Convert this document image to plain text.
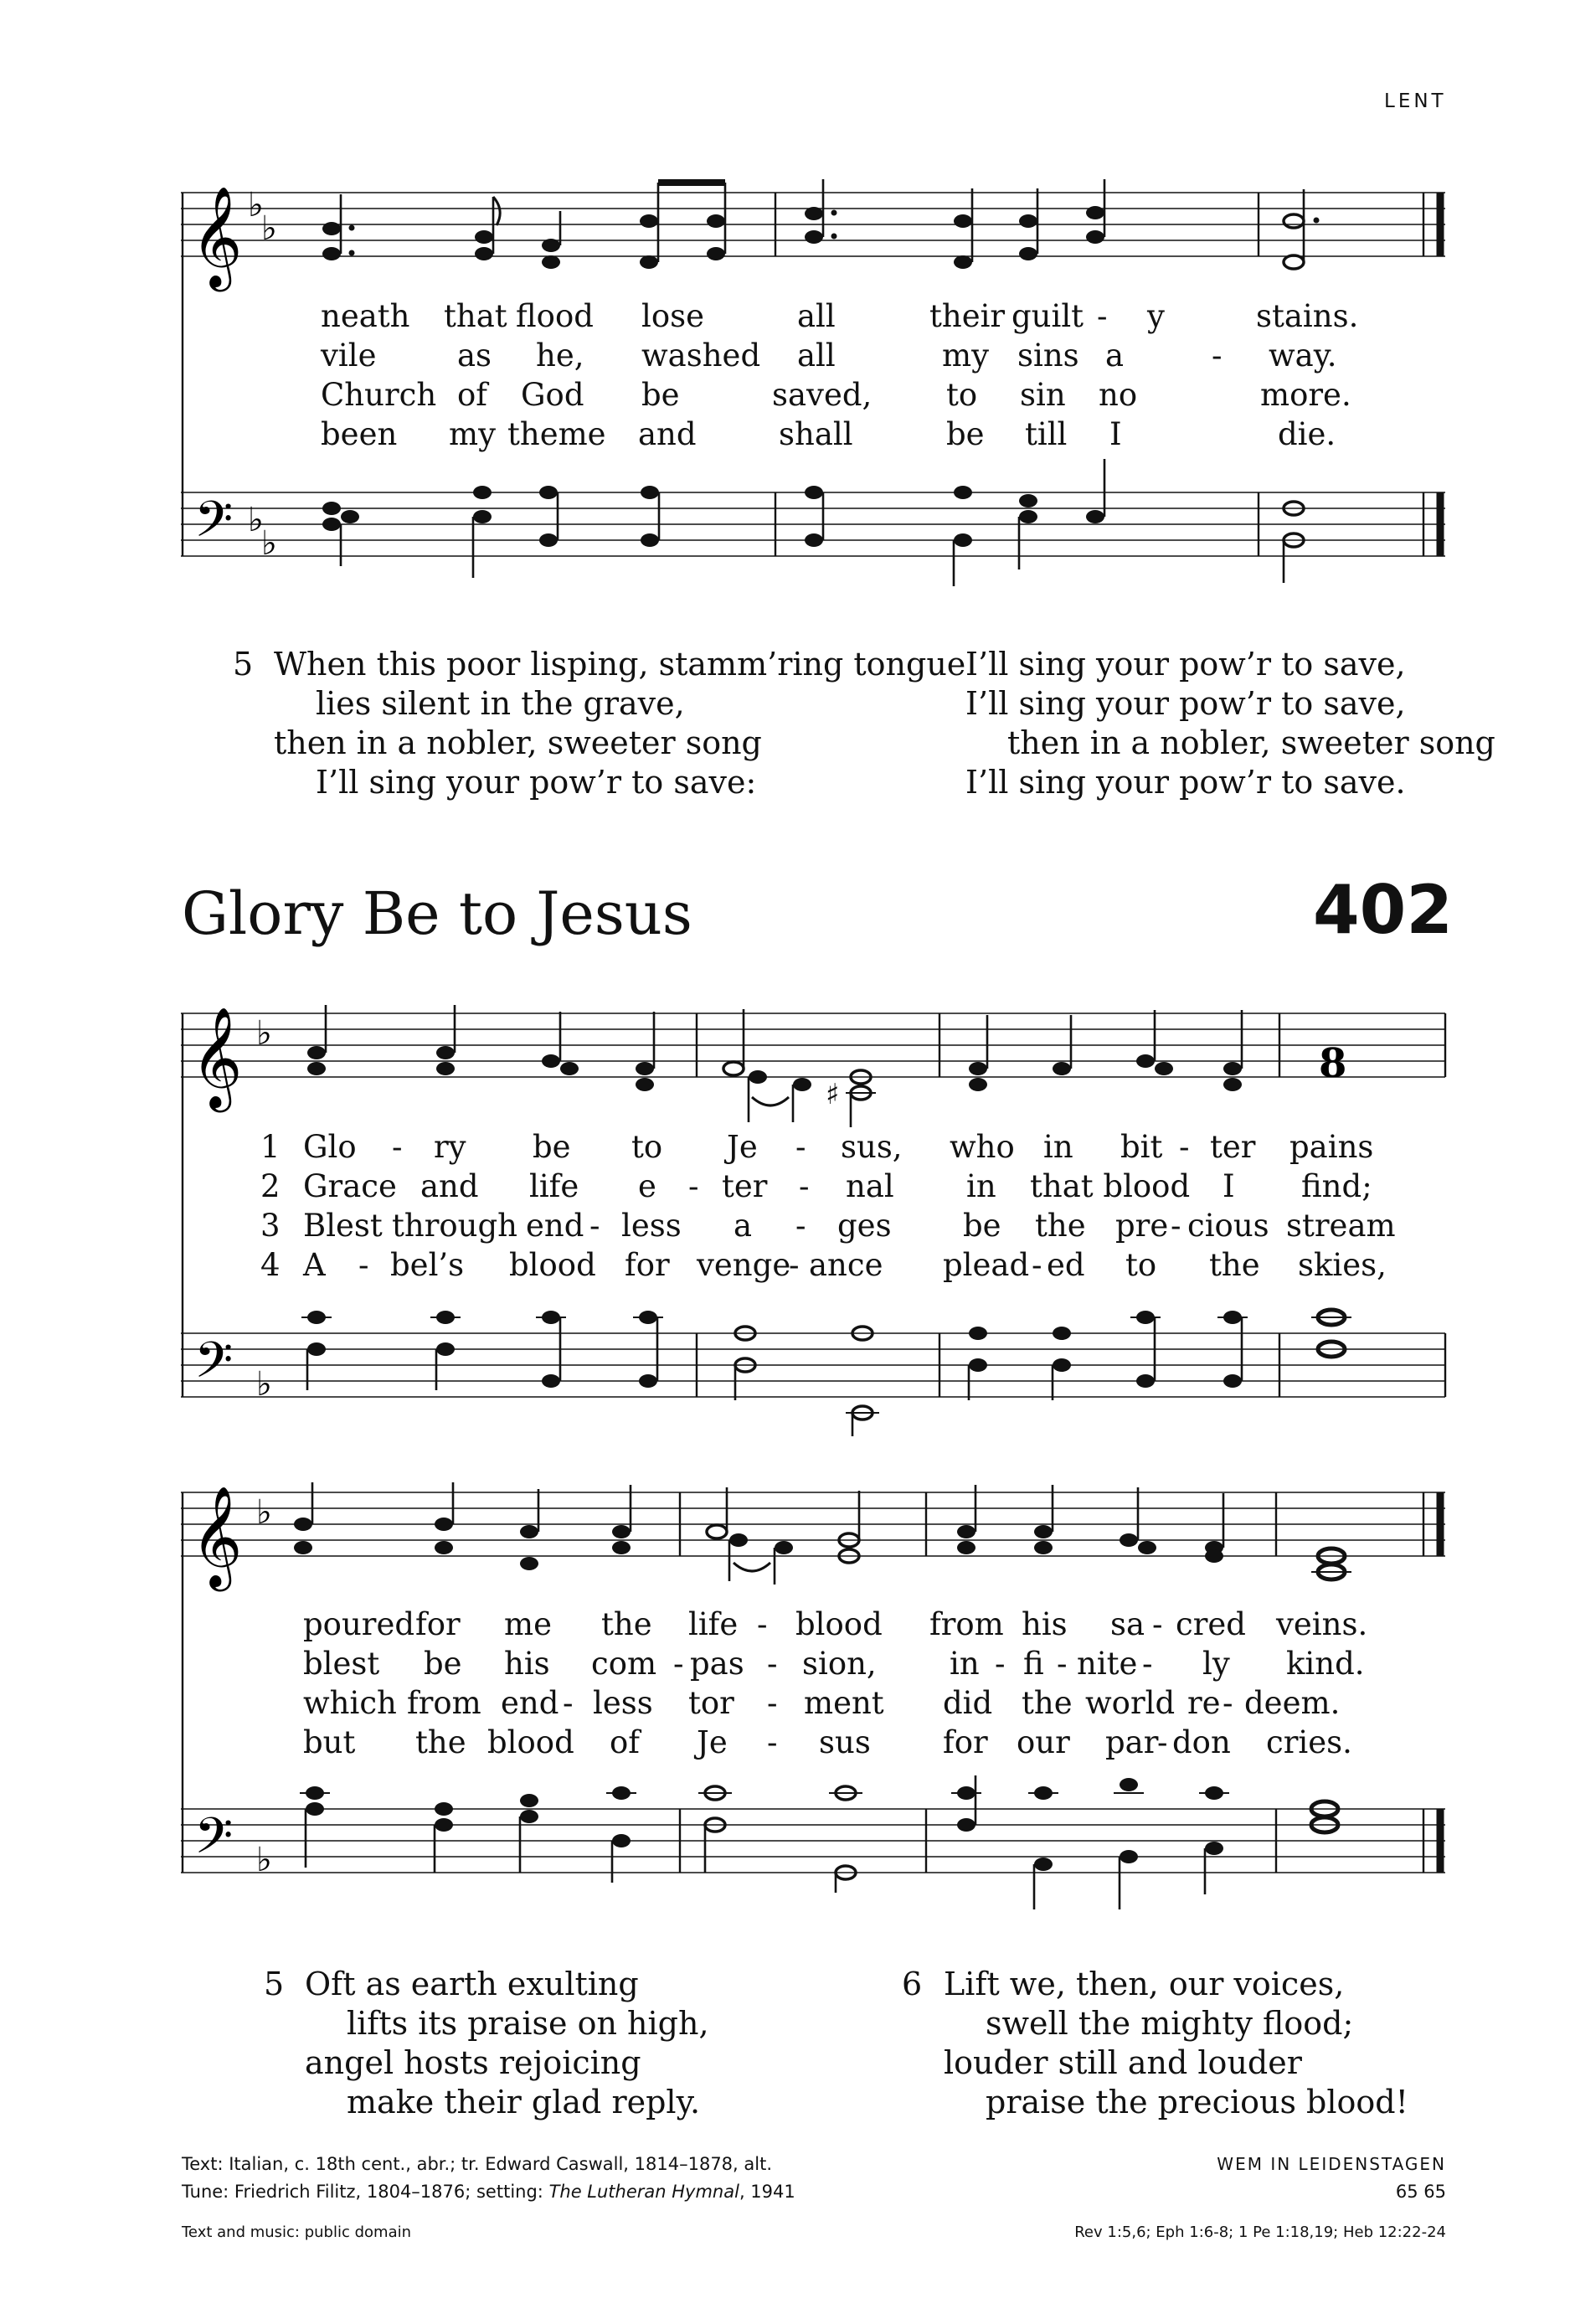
LENT
𝄞
𝄢
♭
♭
♭
♭
neath that flood lose	all	their guilt - y	stains.
vile	as he, washed all	my sins a	- way.
Church of God be	saved, to sin no	more.
been my theme and	shall	be till I	die.
5 When this poor lisping, stamm’ring tongue
lies silent in the grave,
then in a nobler, sweeter song
I’ll sing your pow’r to save:
I’ll sing your pow’r to save,
I’ll sing your pow’r to save,
then in a nobler, sweeter song
I’ll sing your pow’r to save.
Glory Be to Jesus	402
𝄞
𝄢
♭
♭
♯
8
1
2
3
4
Glo - ry be to Je - sus, who in bit - ter pains
Grace and life e - ter - nal in that blood I find;
Blest through end - less a - ges be the pre - cious stream
A - bel’s blood for venge
- ance plead - ed to the skies,
𝄞
𝄢
♭
♭
poured for me the life - blood from his sa - cred veins.
blest be his com - pas - sion, in - fi - nite - ly kind.
which from end - less tor - ment did the world re - deem.
but the blood of Je - sus for our par
- don cries.
5 Oft as earth exulting
lifts its praise on high,
angel hosts rejoicing
make their glad reply.
6 Lift we, then, our voices,
swell the mighty flood;
louder still and louder
praise the precious blood!
Text: Italian, c. 18th cent., abr.; tr. Edward Caswall, 1814–1878, alt.
Tune: Friedrich Filitz, 1804–1876; setting: The Lutheran Hymnal, 1941
Text and music: public domain
WEM IN LEIDENSTAGEN
65 65
Rev 1:5,6; Eph 1:6-8; 1 Pe 1:18,19; Heb 12:22-24
